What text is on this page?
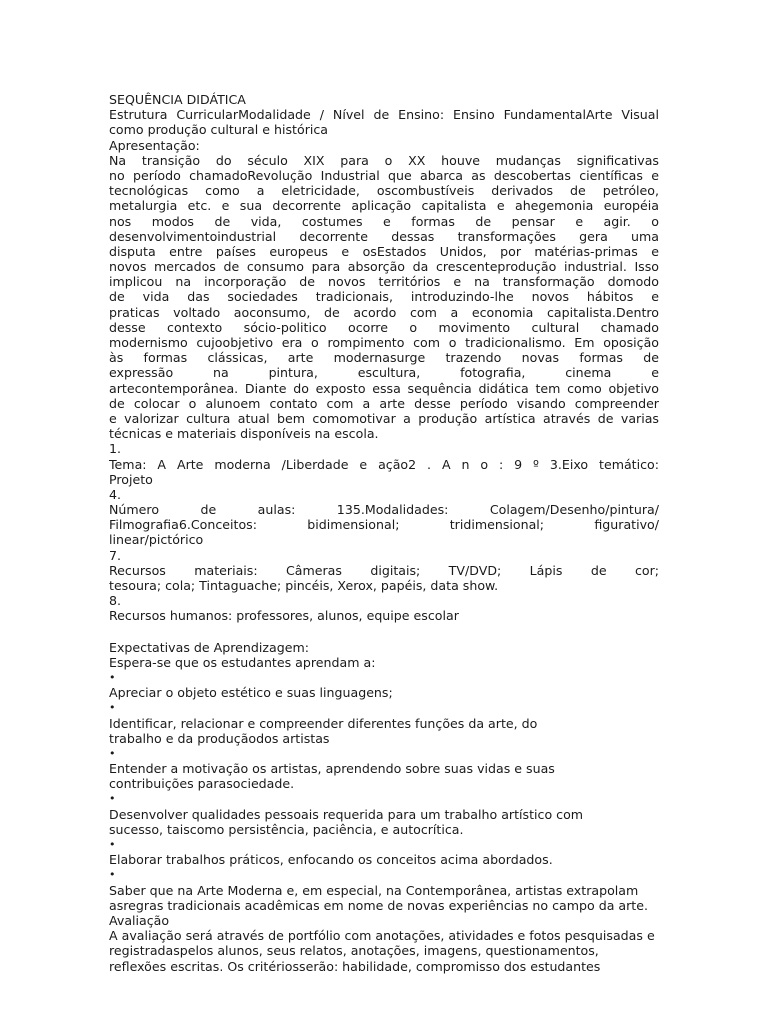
SEQUÊNCIA DIDÁTICA
Estrutura CurricularModalidade / Nível de Ensino: Ensino FundamentalArte Visual
como produção cultural e histórica
Apresentação:
Na transição do século XIX para o XX houve mudanças significativas
no período chamadoRevolução Industrial que abarca as descobertas científicas e
tecnológicas como a eletricidade, oscombustíveis derivados de petróleo,
metalurgia etc. e sua decorrente aplicação capitalista e ahegemonia européia
nos modos de vida, costumes e formas de pensar e agir. o
desenvolvimentoindustrial decorrente dessas transformações gera uma
disputa entre países europeus e osEstados Unidos, por matérias-primas e
novos mercados de consumo para absorção da crescenteprodução industrial. Isso
implicou na incorporação de novos territórios e na transformação domodo
de vida das sociedades tradicionais, introduzindo-lhe novos hábitos e
praticas voltado aoconsumo, de acordo com a economia capitalista.Dentro
desse contexto sócio-politico ocorre o movimento cultural chamado
modernismo cujoobjetivo era o rompimento com o tradicionalismo. Em oposição
às formas clássicas, arte modernasurge trazendo novas formas de
expressão na pintura, escultura, fotografia, cinema e
artecontemporânea. Diante do exposto essa sequência didática tem como objetivo
de colocar o alunoem contato com a arte desse período visando compreender
e valorizar cultura atual bem comomotivar a produção artística através de varias
técnicas e materiais disponíveis na escola.
1.
Tema: A Arte moderna /Liberdade e ação2 . A n o : 9 º 3.Eixo temático:
Projeto
4.
Número de aulas: 135.Modalidades: Colagem/Desenho/pintura/
Filmografia6.Conceitos: bidimensional; tridimensional; figurativo/
linear/pictórico
7.
Recursos materiais: Câmeras digitais; TV/DVD; Lápis de cor;
tesoura; cola; Tintaguache; pincéis, Xerox, papéis, data show.
8.
Recursos humanos: professores, alunos, equipe escolar
Expectativas de Aprendizagem:
Espera-se que os estudantes aprendam a:
•
Apreciar o objeto estético e suas linguagens;
•
Identificar, relacionar e compreender diferentes funções da arte, do
trabalho e da produçãodos artistas
•
Entender a motivação os artistas, aprendendo sobre suas vidas e suas
contribuições parasociedade.
•
Desenvolver qualidades pessoais requerida para um trabalho artístico com
sucesso, taiscomo persistência, paciência, e autocrítica.
•
Elaborar trabalhos práticos, enfocando os conceitos acima abordados.
•
Saber que na Arte Moderna e, em especial, na Contemporânea, artistas extrapolam
asregras tradicionais acadêmicas em nome de novas experiências no campo da arte.
Avaliação
A avaliação será através de portfólio com anotações, atividades e fotos pesquisadas e
registradaspelos alunos, seus relatos, anotações, imagens, questionamentos,
reflexões escritas. Os critériosserão: habilidade, compromisso dos estudantes
